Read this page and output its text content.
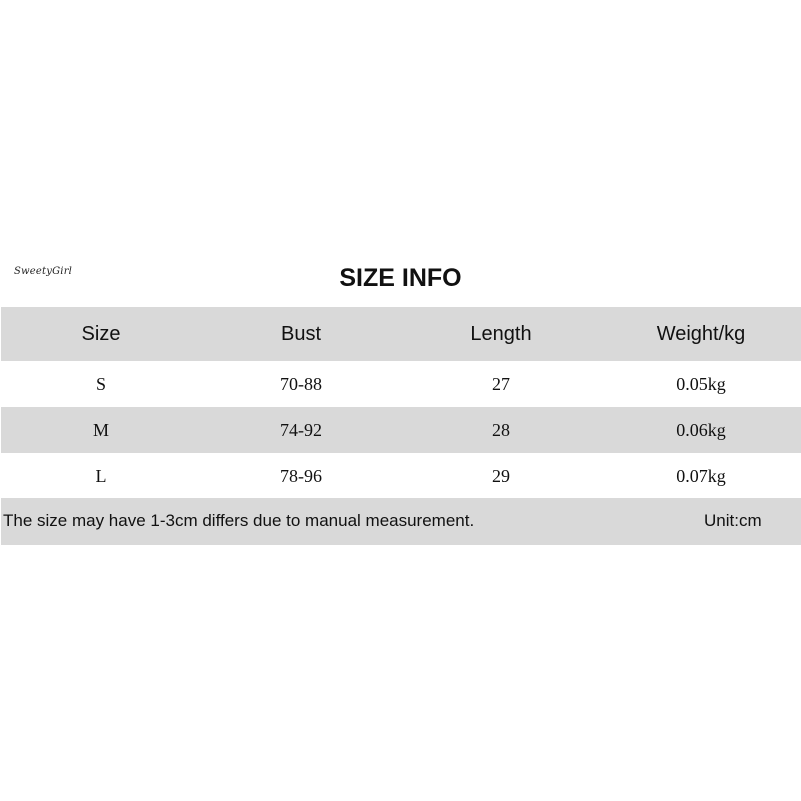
SweetyGirl	SIZE INFO
Size	Bust	Length	Weight/kg
S	70-88	27	0.05kg
M	74-92	28	0.06kg
L	78-96	29	0.07kg
The size may have 1-3cm differs due to manual measurement.	Unit:cm
